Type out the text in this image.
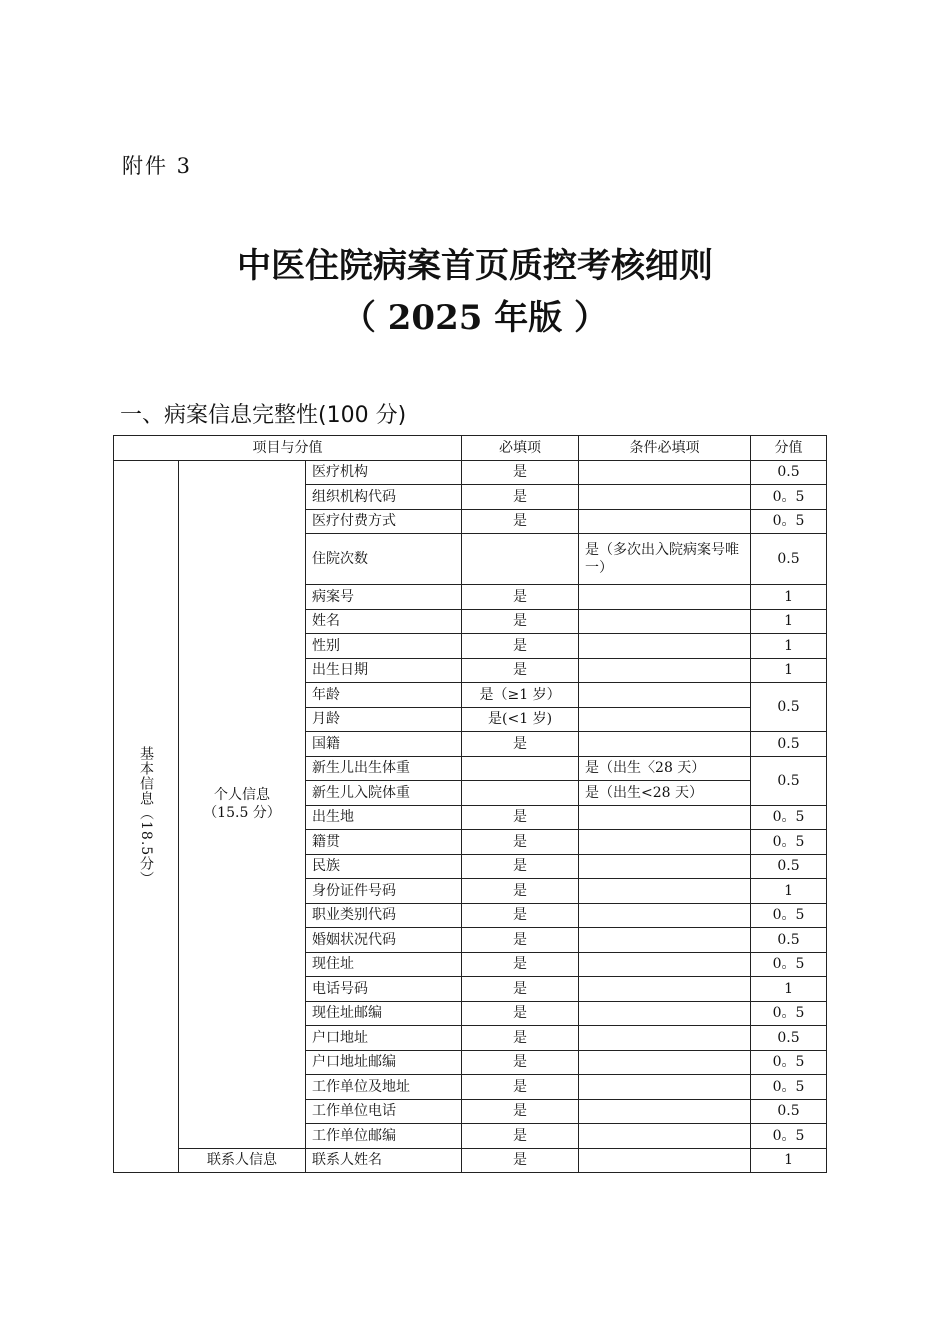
附件 3
中医住院病案首页质控考核细则
（ 2025 年版 ）
一、病案信息完整性(100 分)
项目与分值			必填项	条件必填项	分值

基本信息（18.5分）	个人信息
（15.5 分）	医疗机构	是		0.5
		组织机构代码	是		0。5
		医疗付费方式	是		0。5
		住院次数		是（多次出入院病案号唯一）	0.5
		病案号	是		1
		姓名	是		1
		性别	是		1
		出生日期	是		1
		年龄	是（≥1 岁）		0.5
		月龄	是(<1 岁)		
		国籍	是		0.5
		新生儿出生体重		是（出生〈28 天）	0.5
		新生儿入院体重		是（出生<28 天）	
		出生地	是		0。5
		籍贯	是		0。5
		民族	是		0.5
		身份证件号码	是		1
		职业类别代码	是		0。5
		婚姻状况代码	是		0.5
		现住址	是		0。5
		电话号码	是		1
		现住址邮编	是		0。5
		户口地址	是		0.5
		户口地址邮编	是		0。5
		工作单位及地址	是		0。5
		工作单位电话	是		0.5
		工作单位邮编	是		0。5
	联系人信息	联系人姓名	是		1
